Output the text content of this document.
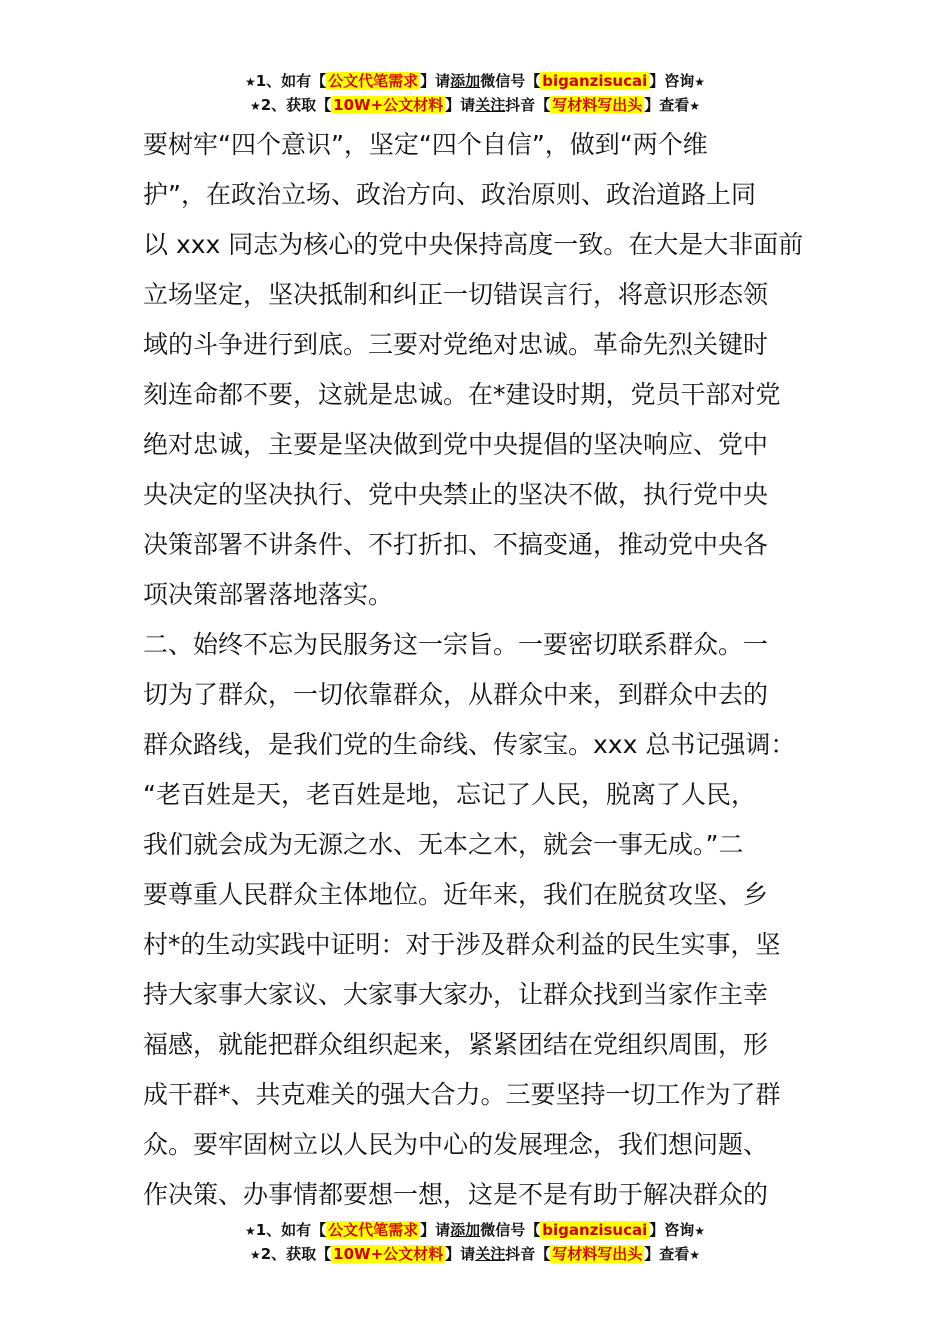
★1、如有【 公文代笔需求 】请添加微信号【 biganzisucai 】咨询★
★2、获取【 10W+公文材料 】请关注抖音【 写材料写出头 】查看★
要树牢“四个意识”，坚定“四个自信”，做到“两个维
护”，在政治立场、政治方向、政治原则、政治道路上同
以 xxx 同志为核心的党中央保持高度一致。在大是大非面前
立场坚定，坚决抵制和纠正一切错误言行，将意识形态领
域的斗争进行到底。三要对党绝对忠诚。革命先烈关键时
刻连命都不要，这就是忠诚。在*建设时期，党员干部对党
绝对忠诚，主要是坚决做到党中央提倡的坚决响应、党中
央决定的坚决执行、党中央禁止的坚决不做，执行党中央
决策部署不讲条件、不打折扣、不搞变通，推动党中央各
项决策部署落地落实。
二、始终不忘为民服务这一宗旨。一要密切联系群众。一
切为了群众，一切依靠群众，从群众中来，到群众中去的
群众路线，是我们党的生命线、传家宝。xxx 总书记强调：
“老百姓是天，老百姓是地，忘记了人民，脱离了人民，
我们就会成为无源之水、无本之木，就会一事无成。”二
要尊重人民群众主体地位。近年来，我们在脱贫攻坚、乡
村*的生动实践中证明：对于涉及群众利益的民生实事，坚
持大家事大家议、大家事大家办，让群众找到当家作主幸
福感，就能把群众组织起来，紧紧团结在党组织周围，形
成干群*、共克难关的强大合力。三要坚持一切工作为了群
众。要牢固树立以人民为中心的发展理念，我们想问题、
作决策、办事情都要想一想，这是不是有助于解决群众的
★1、如有【 公文代笔需求 】请添加微信号【 biganzisucai 】咨询★
★2、获取【 10W+公文材料 】请关注抖音【 写材料写出头 】查看★
